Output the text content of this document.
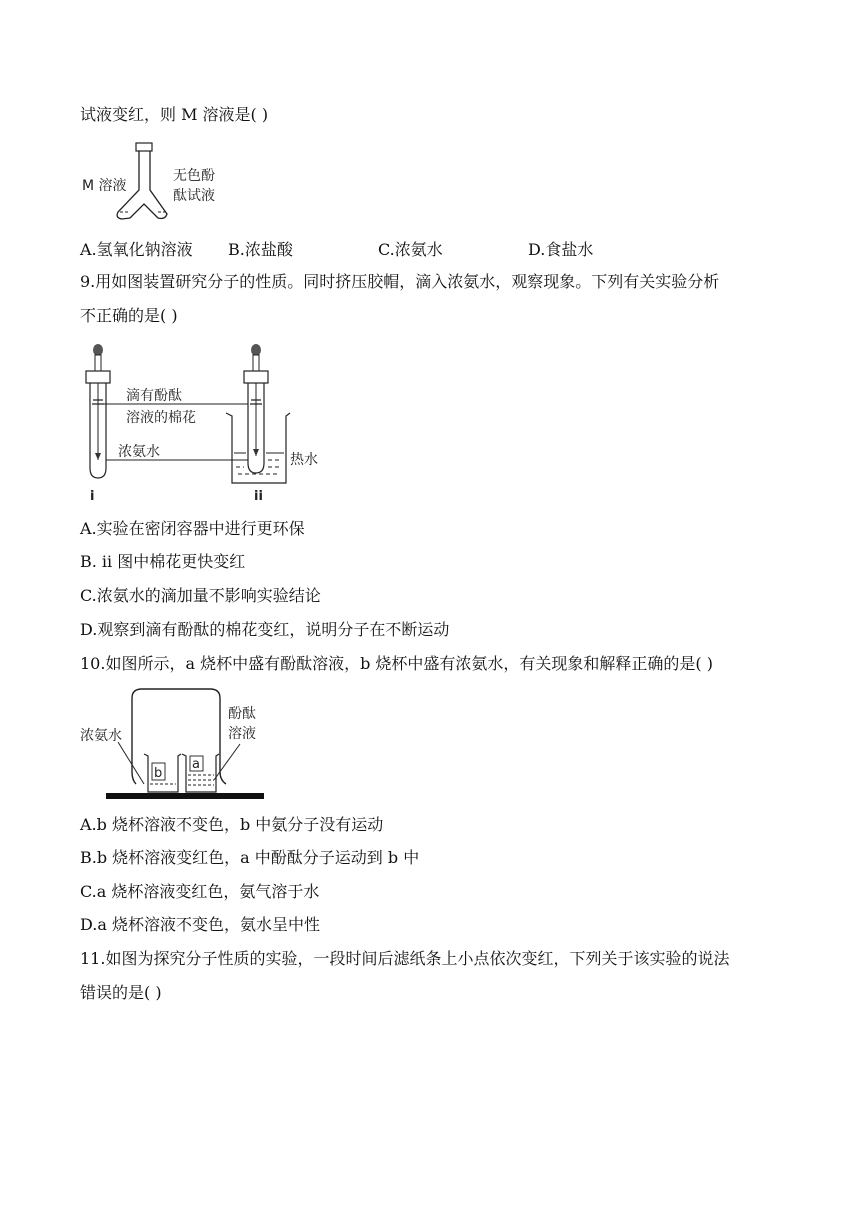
试液变红，则 M 溶液是( )
M 溶液
无色酚
酞试液
A.氢氧化钠溶液 B.浓盐酸	C.浓氨水	D.食盐水
9.用如图装置研究分子的性质。同时挤压胶帽，滴入浓氨水，观察现象。下列有关实验分析
不正确的是( )
滴有酚酞
溶液的棉花
浓氨水	热水
i	ii
A.实验在密闭容器中进行更环保
B. ii 图中棉花更快变红
C.浓氨水的滴加量不影响实验结论
D.观察到滴有酚酞的棉花变红，说明分子在不断运动
10.如图所示，a 烧杯中盛有酚酞溶液，b 烧杯中盛有浓氨水，有关现象和解释正确的是( )
b
a
浓氨水
酚酞
溶液
A.b 烧杯溶液不变色，b 中氨分子没有运动
B.b 烧杯溶液变红色，a 中酚酞分子运动到 b 中
C.a 烧杯溶液变红色，氨气溶于水
D.a 烧杯溶液不变色，氨水呈中性
11.如图为探究分子性质的实验，一段时间后滤纸条上小点依次变红，下列关于该实验的说法
错误的是( )
